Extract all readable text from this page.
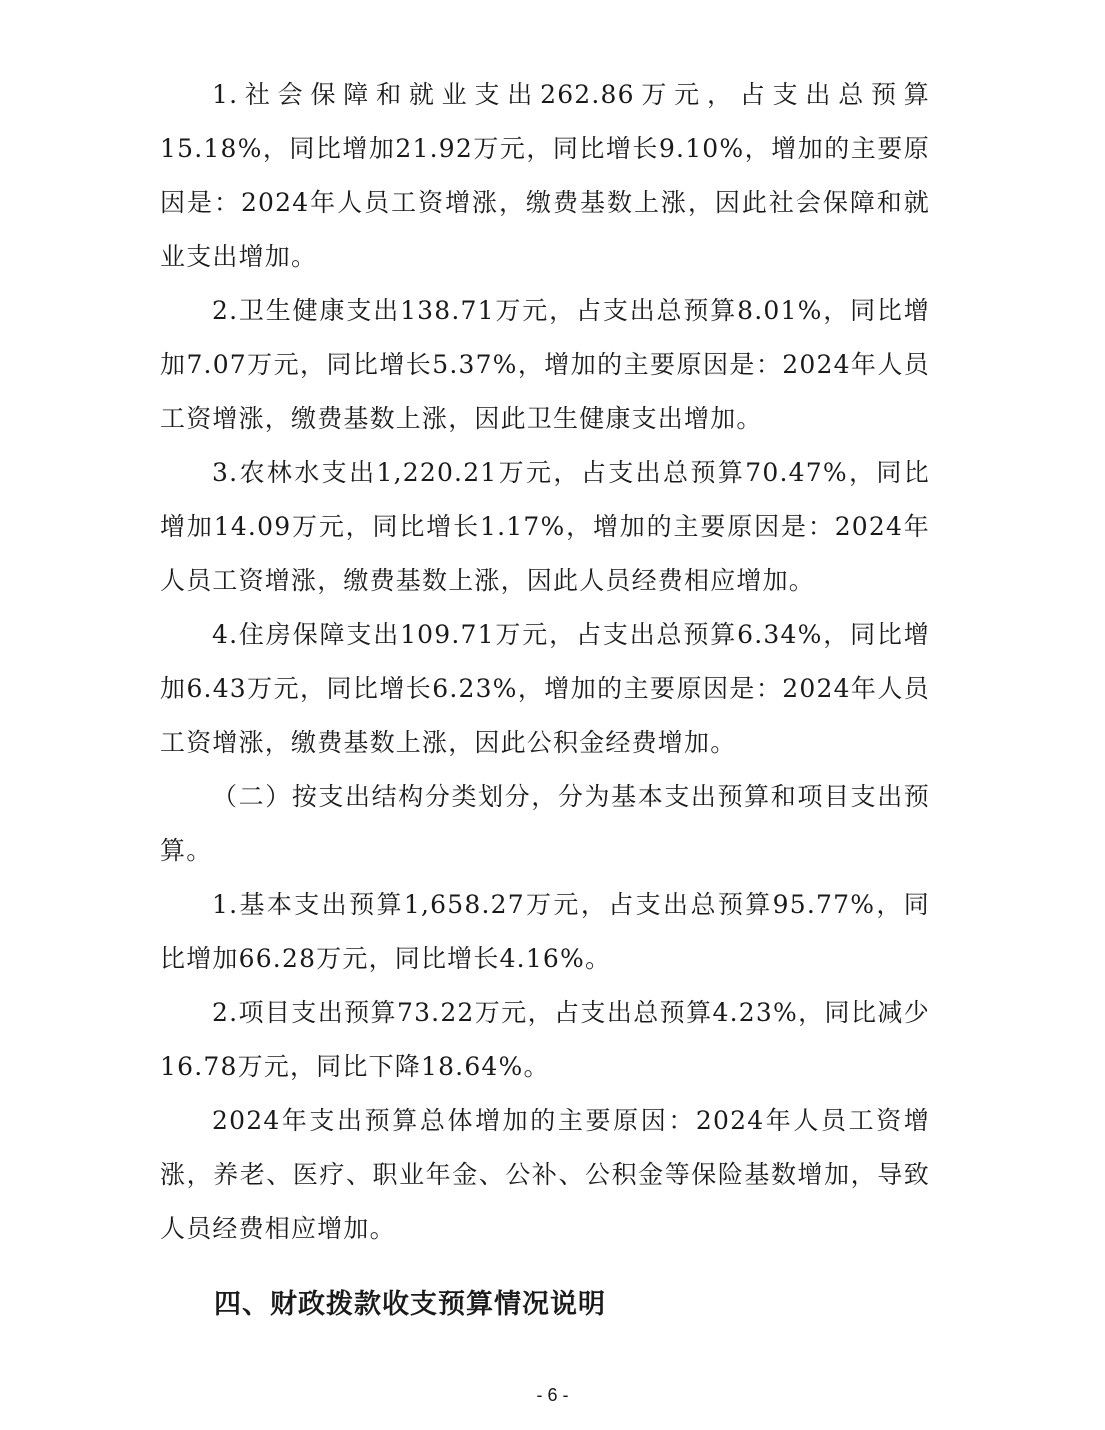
1.社会保障和就业支出262.86万元，占支出总预算15.18%，同比增加21.92万元，同比增长9.10%，增加的主要原因是：2024年人员工资增涨，缴费基数上涨，因此社会保障和就业支出增加。

2.卫生健康支出138.71万元，占支出总预算8.01%，同比增加7.07万元，同比增长5.37%，增加的主要原因是：2024年人员工资增涨，缴费基数上涨，因此卫生健康支出增加。

3.农林水支出1,220.21万元，占支出总预算70.47%，同比增加14.09万元，同比增长1.17%，增加的主要原因是：2024年人员工资增涨，缴费基数上涨，因此人员经费相应增加。

4.住房保障支出109.71万元，占支出总预算6.34%，同比增加6.43万元，同比增长6.23%，增加的主要原因是：2024年人员工资增涨，缴费基数上涨，因此公积金经费增加。

（二）按支出结构分类划分，分为基本支出预算和项目支出预算。

1.基本支出预算1,658.27万元，占支出总预算95.77%，同比增加66.28万元，同比增长4.16%。

2.项目支出预算73.22万元，占支出总预算4.23%，同比减少16.78万元，同比下降18.64%。

2024年支出预算总体增加的主要原因：2024年人员工资增涨，养老、医疗、职业年金、公补、公积金等保险基数增加，导致人员经费相应增加。

四、财政拨款收支预算情况说明
- 6 -
